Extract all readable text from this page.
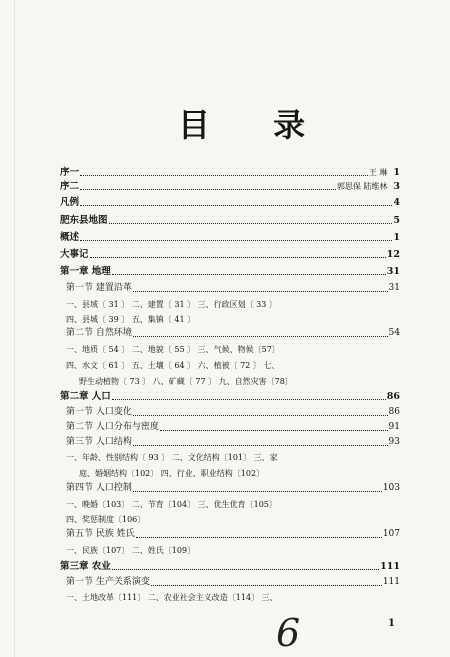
目 录
序一	王 琳 1
序二	郭思保 陆维林 3
凡例	4
肥东县地图	5
概述	1
大事记	12
第一章 地理	31
第一节 建置沿革	31
一、县域〔 31 〕 二、建置〔 31 〕 三、行政区划〔 33 〕
四、县城〔 39 〕 五、集镇〔 41 〕
第二节 自然环境	54
一、地质〔 54 〕 二、地貌〔 55 〕 三、气候、物候〔57〕
四、水文〔 61 〕 五、土壤〔 64 〕 六、植被〔 72 〕 七、
野生动植物〔 73 〕 八、矿藏〔 77 〕 九、自然灾害〔78〕
第二章 人口	86
第一节 人口变化	86
第二节 人口分布与密度	91
第三节 人口结构	93
一、年龄、性别结构〔 93 〕 二、文化结构〔101〕 三、家
庭、婚姻结构〔102〕 四、行业、职业结构〔102〕
第四节 人口控制	103
一、晚婚〔103〕 二、节育〔104〕 三、优生优育〔105〕
四、奖惩制度〔106〕
第五节 民族 姓氏	107
一、民族〔107〕 二、姓氏〔109〕
第三章 农业	111
第一节 生产关系演变	111
一、土地改革〔111〕 二、农业社会主义改造〔114〕 三、
6	1
